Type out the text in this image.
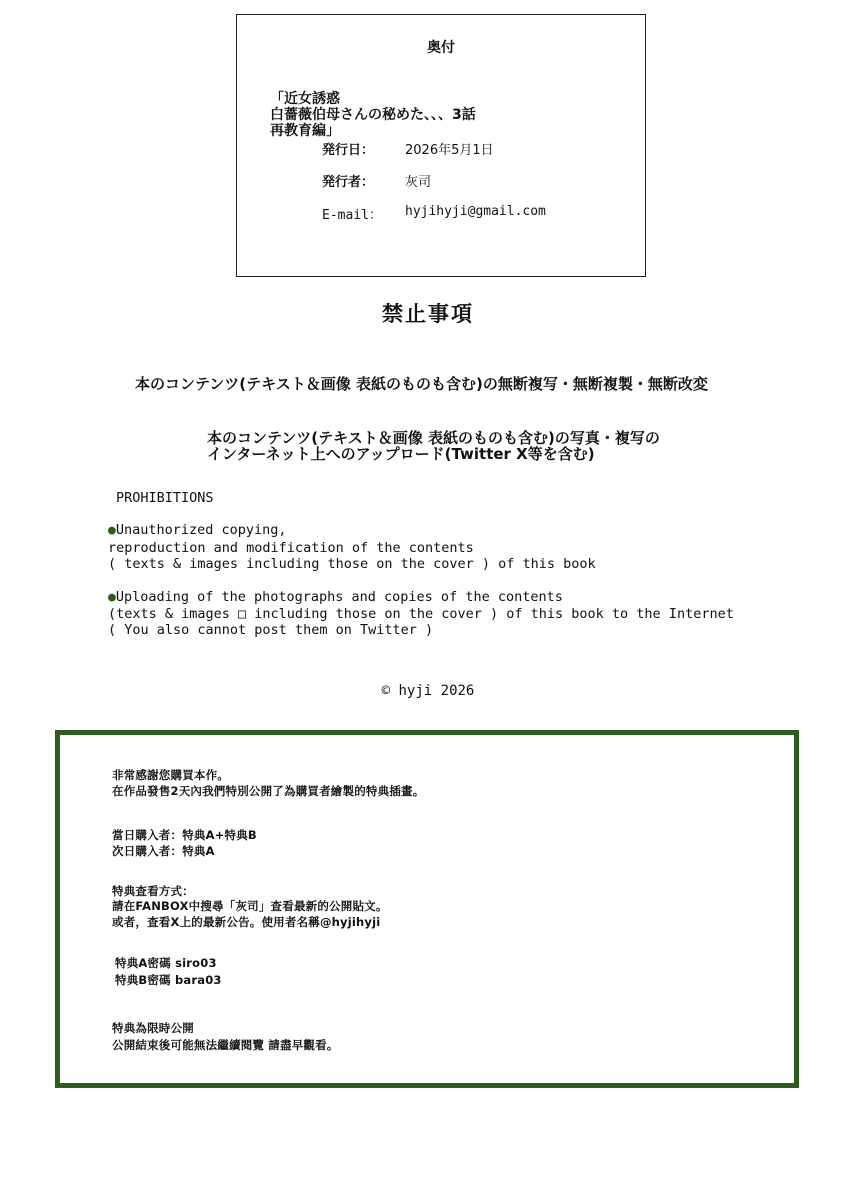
奥付
「近女誘惑
白薔薇伯母さんの秘めた、、、3話
再教育編」
発行日： 2026年5月1日
発行者： 灰司
E-mail： hyjihyji@gmail.com
禁止事項
本のコンテンツ(テキスト＆画像 表紙のものも含む)の無断複写・無断複製・無断改変
本のコンテンツ(テキスト＆画像 表紙のものも含む)の写真・複写の
インターネット上へのアップロード(Twitter X等を含む)
PROHIBITIONS
●Unauthorized copying,
reproduction and modification of the contents
( texts & images including those on the cover ) of this book
●Uploading of the photographs and copies of the contents
(texts & images □ including those on the cover ) of this book to the Internet
( You also cannot post them on Twitter )
© hyji 2026
非常感謝您購買本作。
在作品發售2天內我們特別公開了為購買者繪製的特典插畫。
當日購入者：特典A+特典B
次日購入者：特典A
特典查看方式：
請在FANBOX中搜尋「灰司」查看最新的公開貼文。
或者，查看X上的最新公告。使用者名稱@hyjihyji
特典A密碼 siro03
特典B密碼 bara03
特典為限時公開
公開結束後可能無法繼續閱覽 請盡早觀看。
